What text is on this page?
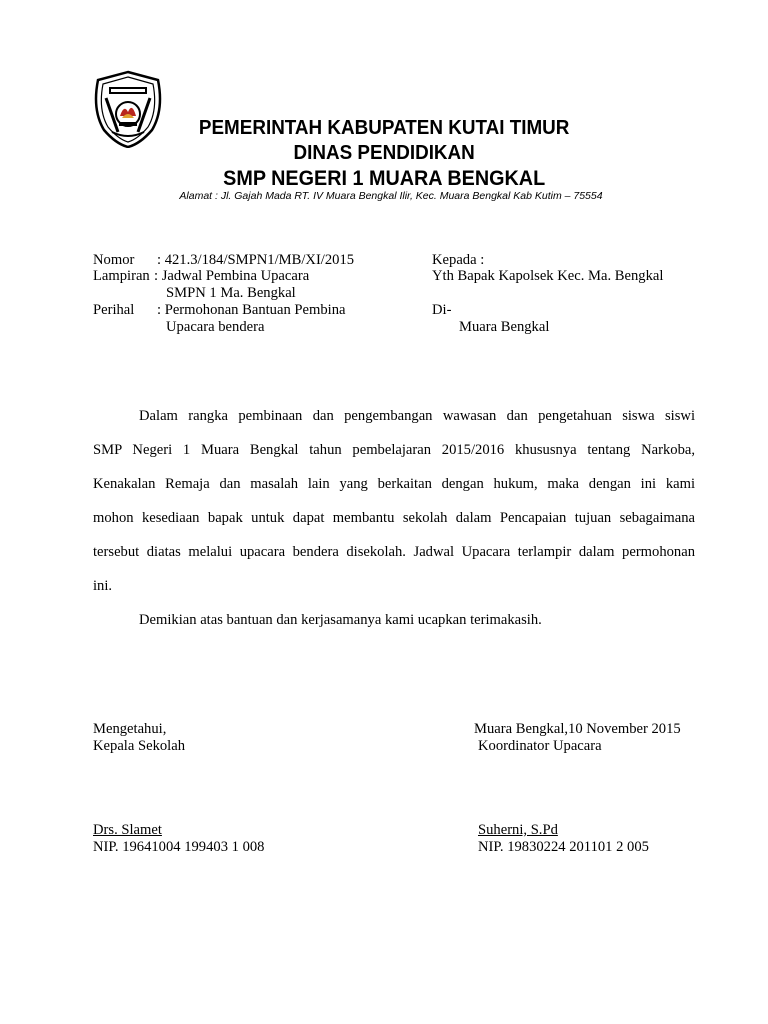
PEMERINTAH KABUPATEN KUTAI TIMUR
DINAS PENDIDIKAN
SMP NEGERI 1 MUARA BENGKAL
Alamat : Jl. Gajah Mada RT. IV Muara Bengkal Ilir, Kec. Muara Bengkal Kab Kutim – 75554
Nomor : 421.3/184/SMPN1/MB/XI/2015
Lampiran : Jadwal Pembina Upacara
SMPN 1 Ma. Bengkal
Perihal : Permohonan Bantuan Pembina
Upacara bendera
Kepada :
Yth Bapak Kapolsek Kec. Ma. Bengkal
Di-
Muara Bengkal

Dalam rangka pembinaan dan pengembangan wawasan dan pengetahuan siswa siswi

SMP Negeri 1 Muara Bengkal tahun pembelajaran 2015/2016 khususnya tentang Narkoba,

Kenakalan Remaja dan masalah lain yang berkaitan dengan hukum, maka dengan ini kami

mohon kesediaan bapak untuk dapat membantu sekolah dalam Pencapaian tujuan sebagaimana

tersebut diatas melalui upacara bendera disekolah. Jadwal Upacara terlampir dalam permohonan

ini.

Demikian atas bantuan dan kerjasamanya kami ucapkan terimakasih.

Mengetahui,
Kepala Sekolah
Drs. Slamet
NIP. 19641004 199403 1 008
Muara Bengkal,10 November 2015
Koordinator Upacara
Suherni, S.Pd
NIP. 19830224 201101 2 005
